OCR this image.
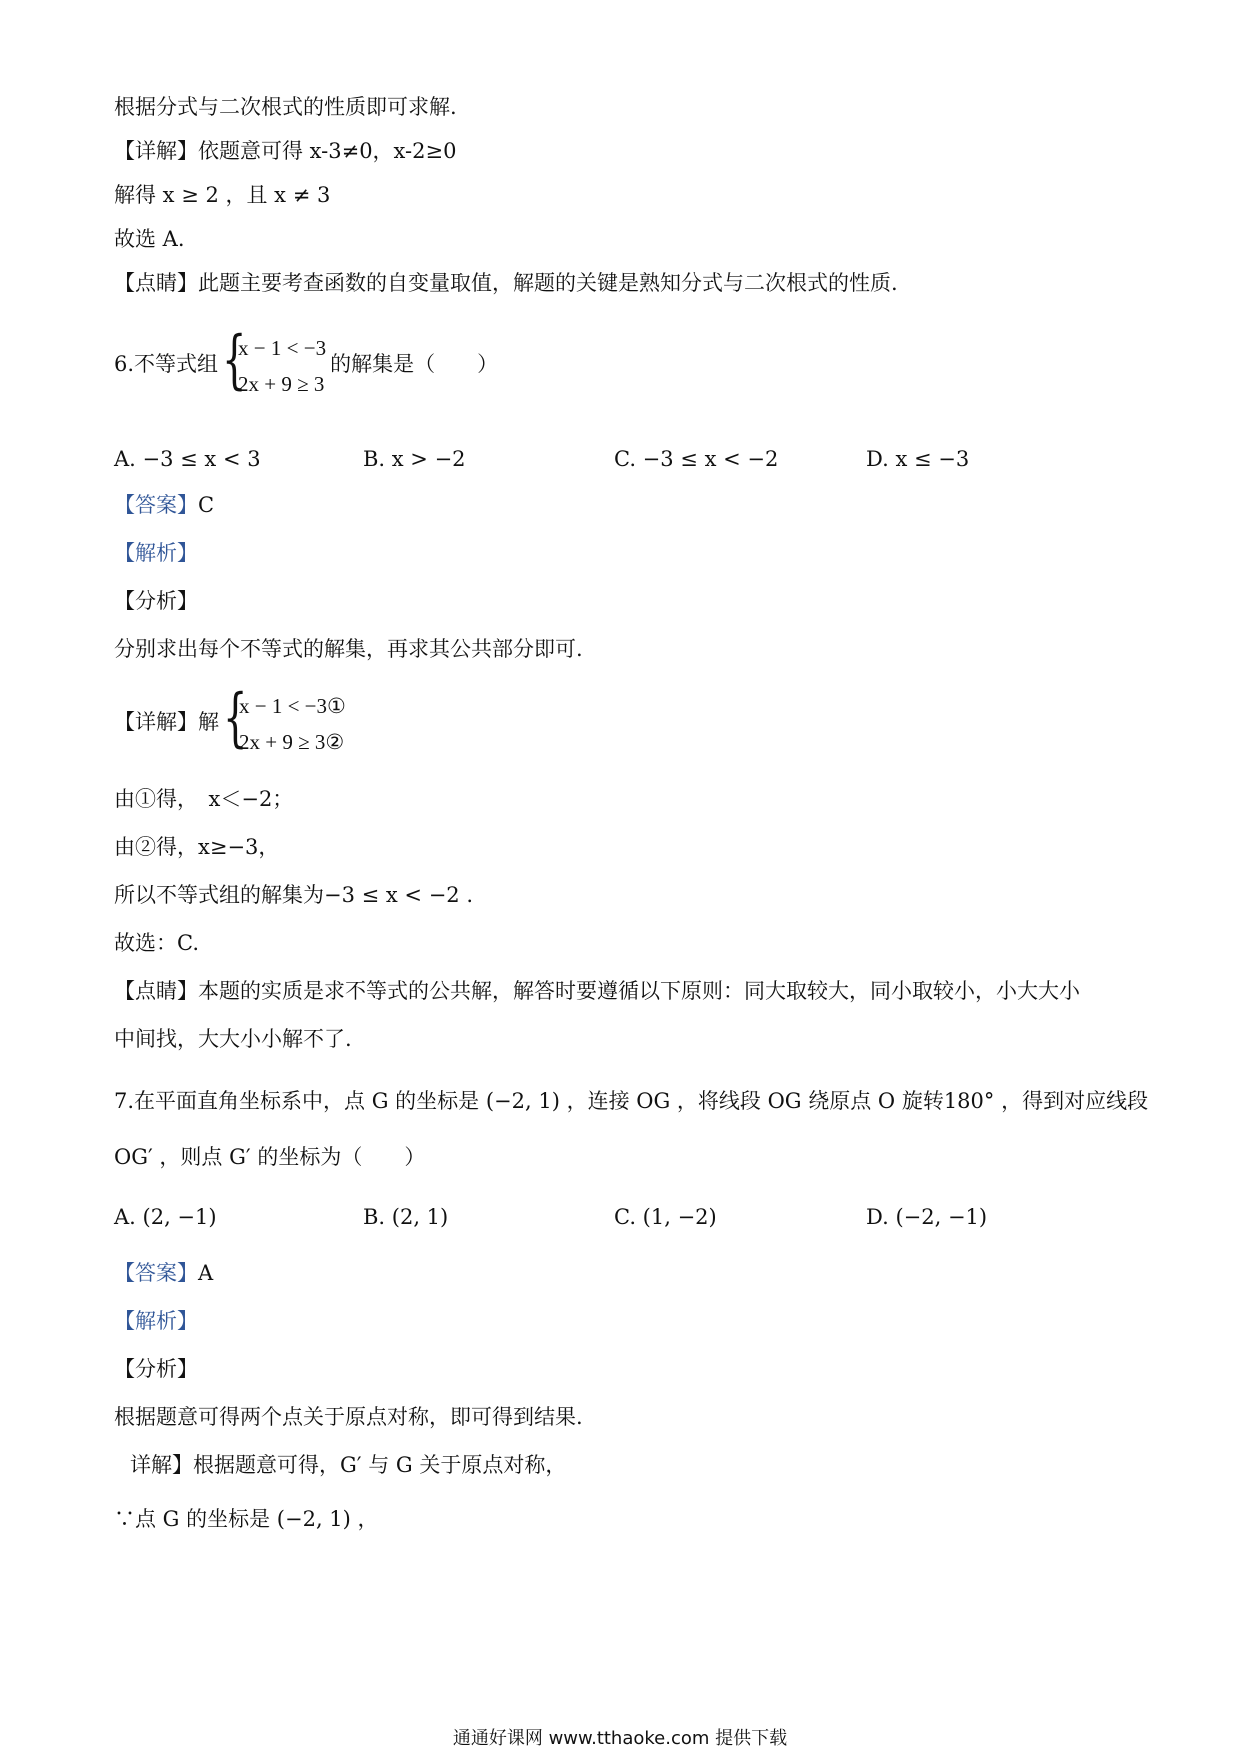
根据分式与二次根式的性质即可求解.
【详解】依题意可得 x-3≠0，x-2≥0
解得 x ≥ 2 ，且 x ≠ 3
故选 A.
【点睛】此题主要考查函数的自变量取值，解题的关键是熟知分式与二次根式的性质.
6.不等式组 {
x − 1 < −3
2x + 9 ≥ 3
的解集是（　　）
A. −3 ≤ x < 3	B. x > −2	C. −3 ≤ x < −2	D. x ≤ −3
【答案】C
【解析】
【分析】
分别求出每个不等式的解集，再求其公共部分即可.
【详解】解 {
x − 1 < −3①
2x + 9 ≥ 3②
由①得，　x＜−2；
由②得，x≥−3，
所以不等式组的解集为−3 ≤ x < −2 .
故选：C.
【点睛】本题的实质是求不等式的公共解，解答时要遵循以下原则：同大取较大，同小取较小，小大大小
中间找，大大小小解不了.
7.在平面直角坐标系中，点 G 的坐标是 (−2, 1) ，连接 OG ，将线段 OG 绕原点 O 旋转180° ，得到对应线段
OG′ ，则点 G′ 的坐标为（　　）
A. (2, −1)	B. (2, 1)	C. (1, −2)	D. (−2, −1)
【答案】A
【解析】
【分析】
根据题意可得两个点关于原点对称，即可得到结果.
详解】根据题意可得，G′ 与 G 关于原点对称，
∵点 G 的坐标是 (−2, 1) ，
通通好课网 www.tthaoke.com 提供下载
